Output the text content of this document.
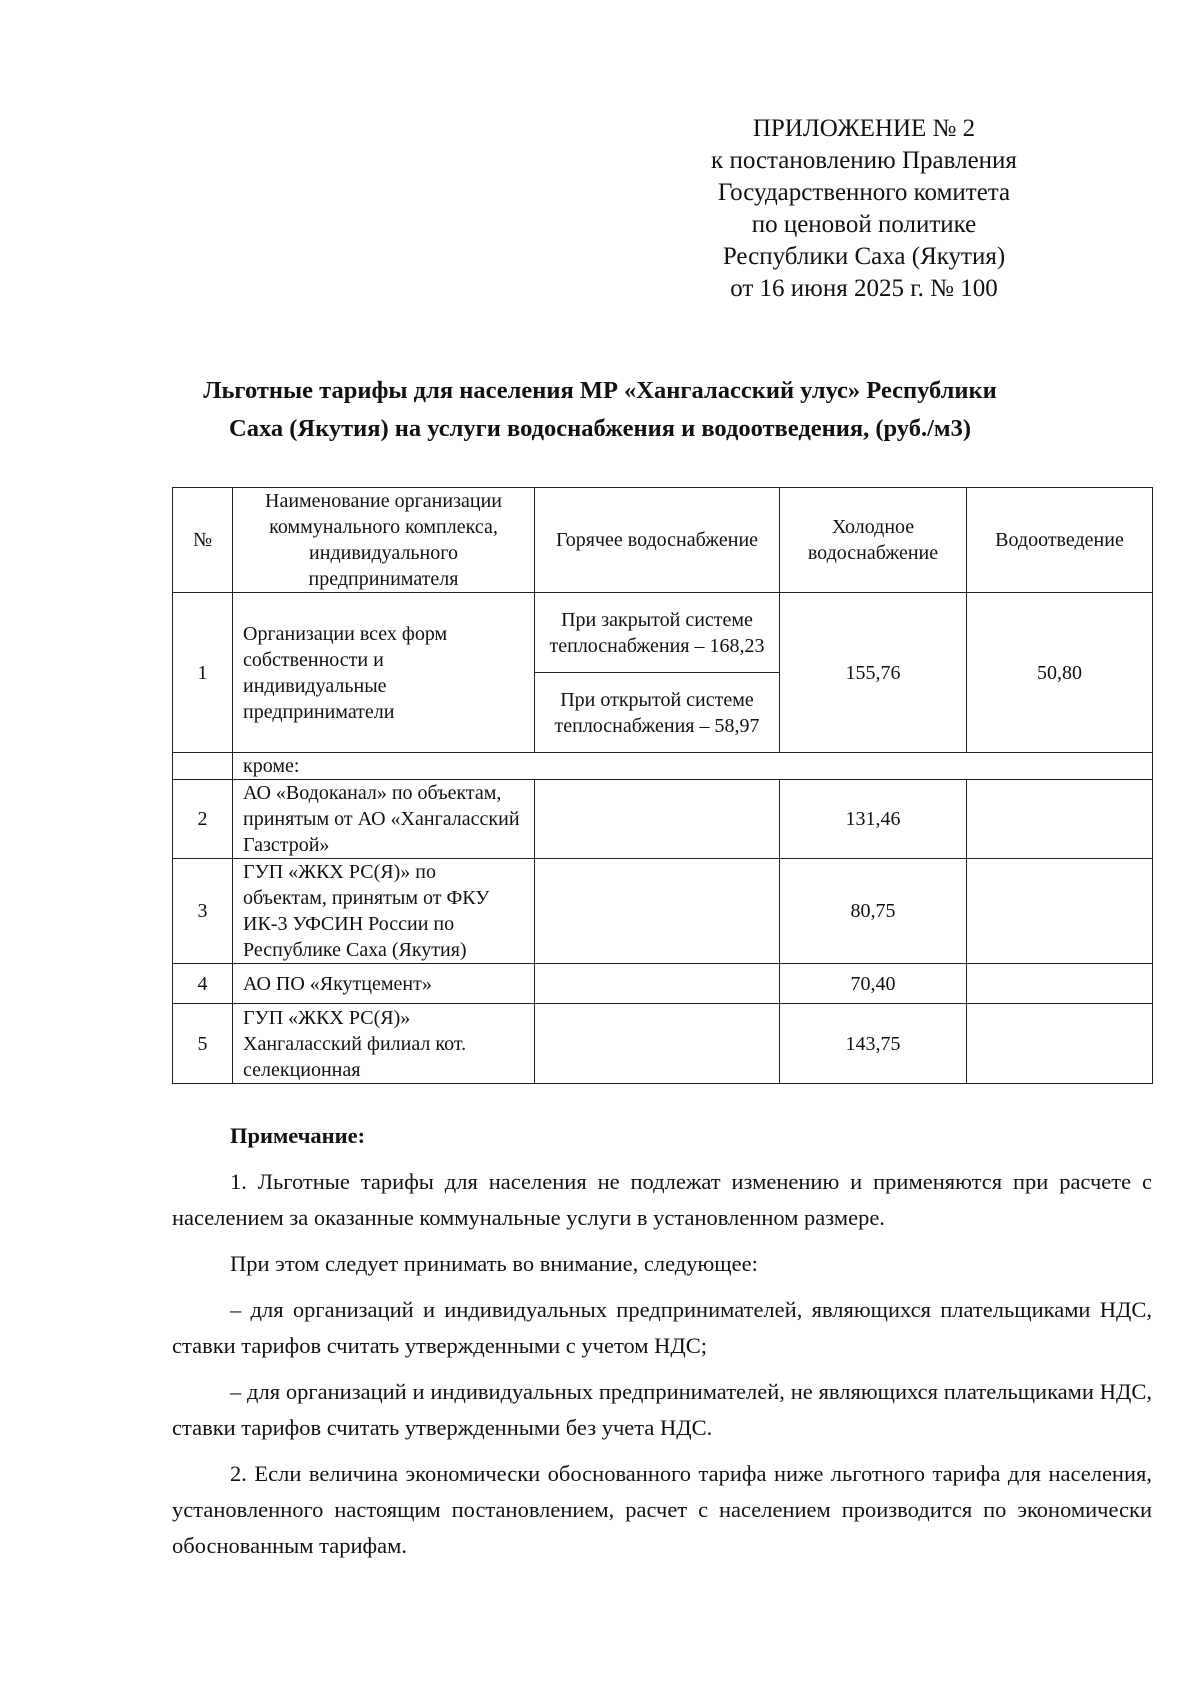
ПРИЛОЖЕНИЕ № 2
к постановлению Правления
Государственного комитета
по ценовой политике
Республики Саха (Якутия)
от 16 июня 2025 г. № 100
Льготные тарифы для населения МР «Хангаласский улус» Республики
Саха (Якутия) на услуги водоснабжения и водоотведения, (руб./м3)
№	Наименование организации коммунального комплекса, индивидуального предпринимателя	Горячее водоснабжение	Холодное водоснабжение	Водоотведение
1	Организации всех форм собственности и индивидуальные предприниматели	При закрытой системе теплоснабжения – 168,23	155,76	50,80
		При открытой системе теплоснабжения – 58,97		
	кроме:			
2	АО «Водоканал» по объектам, принятым от АО «Хангаласский Газстрой»		131,46	
3	ГУП «ЖКХ РС(Я)» по объектам, принятым от ФКУ ИК-3 УФСИН России по Республике Саха (Якутия)		80,75	
4	АО ПО «Якутцемент»		70,40	
5	ГУП «ЖКХ РС(Я)» Хангаласский филиал кот. селекционная		143,75	

Примечание:

1. Льготные тарифы для населения не подлежат изменению и применяются при расчете с населением за оказанные коммунальные услуги в установленном размере.

При этом следует принимать во внимание, следующее:

– для организаций и индивидуальных предпринимателей, являющихся плательщиками НДС, ставки тарифов считать утвержденными с учетом НДС;

– для организаций и индивидуальных предпринимателей, не являющихся плательщиками НДС, ставки тарифов считать утвержденными без учета НДС.

2. Если величина экономически обоснованного тарифа ниже льготного тарифа для населения, установленного настоящим постановлением, расчет с населением производится по экономически обоснованным тарифам.
